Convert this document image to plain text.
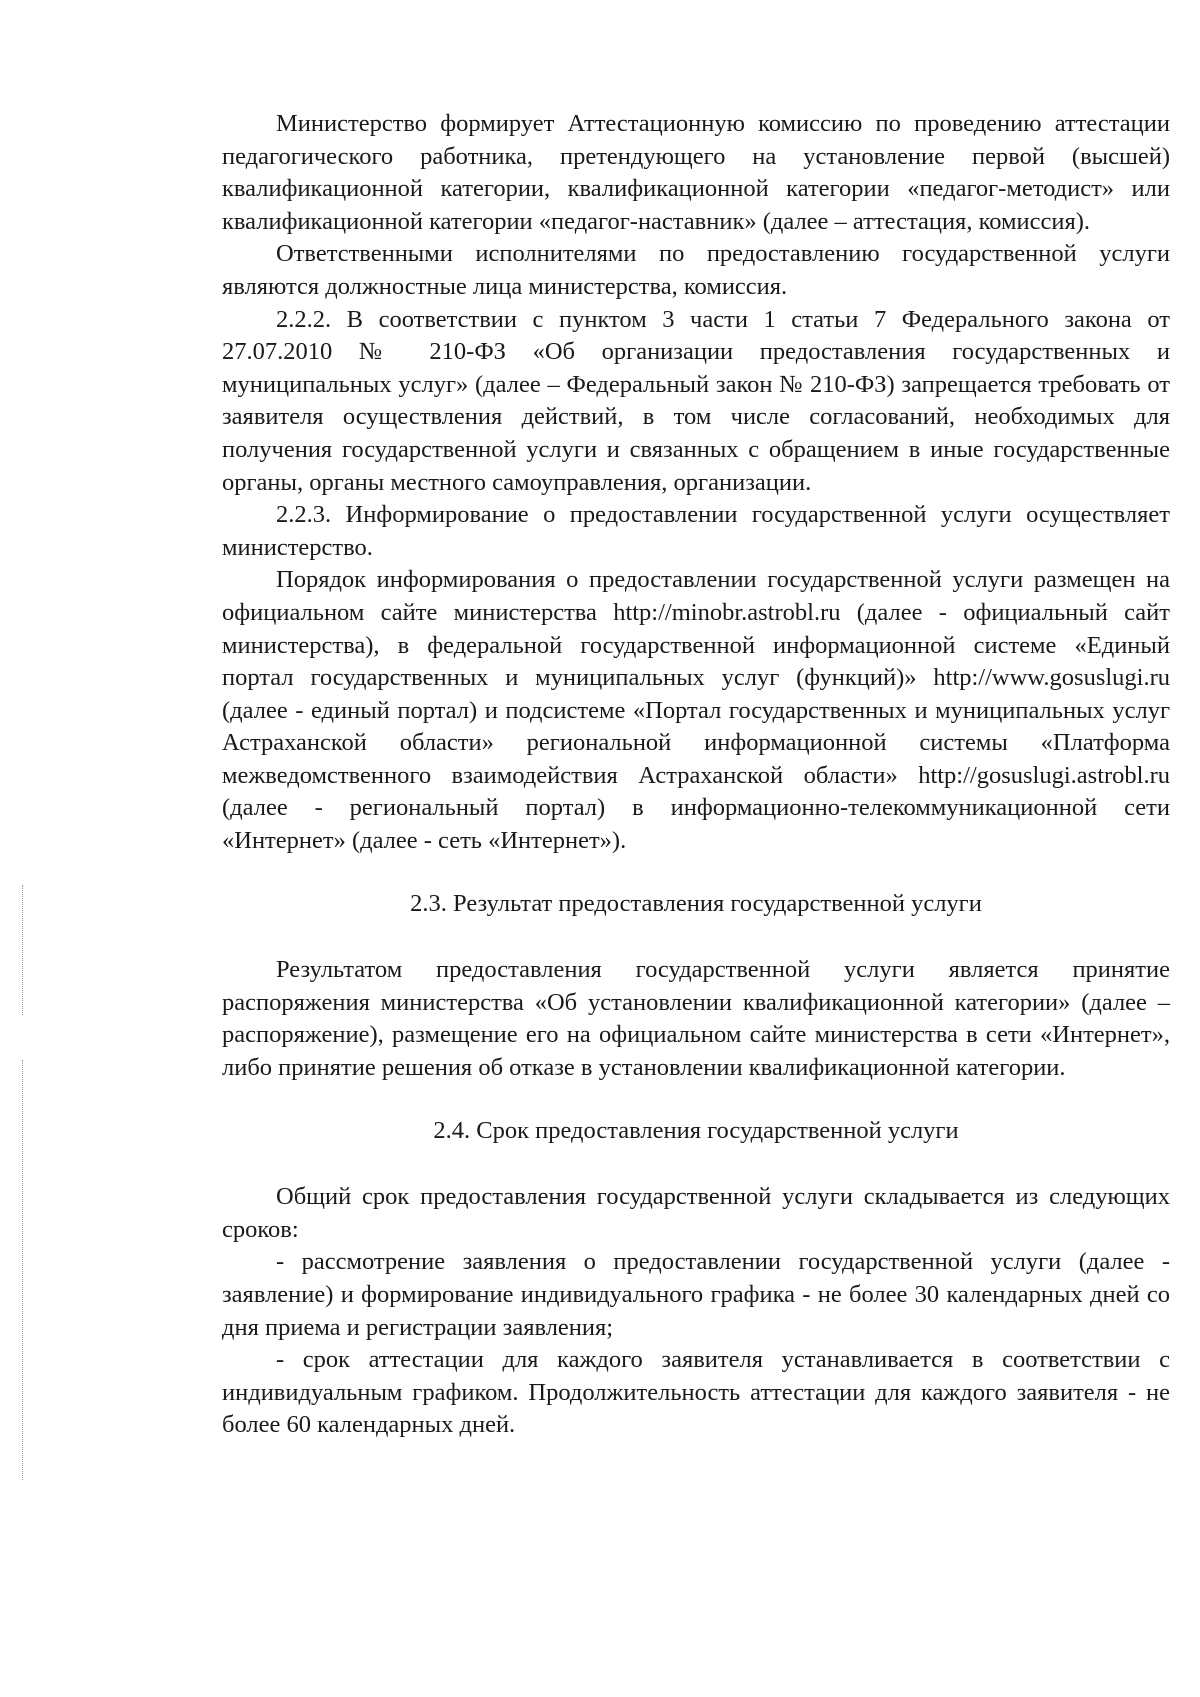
Министерство формирует Аттестационную комиссию по проведению аттестации педагогического работника, претендующего на установление первой (высшей) квалификационной категории, квалификационной категории «педагог-методист» или квалификационной категории «педагог-наставник» (далее – аттестация, комиссия).

Ответственными исполнителями по предоставлению государственной услуги являются должностные лица министерства, комиссия.

2.2.2. В соответствии с пунктом 3 части 1 статьи 7 Федерального закона от 27.07.2010 № 210-ФЗ «Об организации предоставления государственных и муниципальных услуг» (далее – Федеральный закон № 210-ФЗ) запрещается требовать от заявителя осуществления действий, в том числе согласований, необходимых для получения государственной услуги и связанных с обращением в иные государственные органы, органы местного самоуправления, организации.

2.2.3. Информирование о предоставлении государственной услуги осуществляет министерство.

Порядок информирования о предоставлении государственной услуги размещен на официальном сайте министерства http://minobr.astrobl.ru (далее - официальный сайт министерства), в федеральной государственной информационной системе «Единый портал государственных и муниципальных услуг (функций)» http://www.gosuslugi.ru (далее - единый портал) и подсистеме «Портал государственных и муниципальных услуг Астраханской области» региональной информационной системы «Платформа межведомственного взаимодействия Астраханской области» http://gosuslugi.astrobl.ru (далее - региональный портал) в информационно-телекоммуникационной сети «Интернет» (далее - сеть «Интернет»).

2.3. Результат предоставления государственной услуги

Результатом предоставления государственной услуги является принятие распоряжения министерства «Об установлении квалификационной категории» (далее – распоряжение), размещение его на официальном сайте министерства в сети «Интернет», либо принятие решения об отказе в установлении квалификационной категории.

2.4. Срок предоставления государственной услуги

Общий срок предоставления государственной услуги складывается из следующих сроков:

- рассмотрение заявления о предоставлении государственной услуги (далее - заявление) и формирование индивидуального графика - не более 30 календарных дней со дня приема и регистрации заявления;

- срок аттестации для каждого заявителя устанавливается в соответствии с индивидуальным графиком. Продолжительность аттестации для каждого заявителя - не более 60 календарных дней.
